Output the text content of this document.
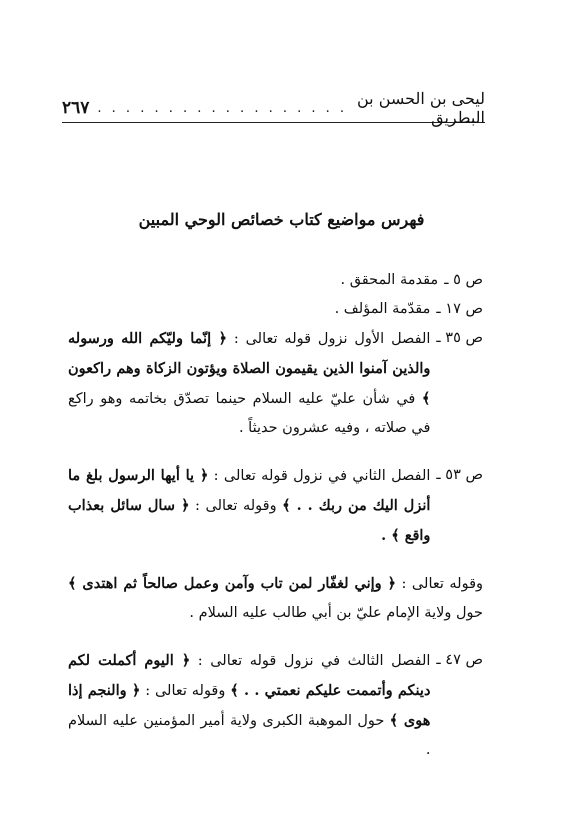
ليحى بن الحسن بن البطريق
. . . . . . . . . . . . . . . . . .
٢٦٧
فهرس مواضيع كتاب خصائص الوحي المبين
ص ٥ ـ
مقدمة المحقق .
ص ١٧ ـ
مقدّمة المؤلف .
ص ٣٥ ـ
الفصل الأول نزول قوله تعالى : ﴿ إنّما وليّكم الله ورسوله والذين آمنوا الذين يقيمون الصلاة ويؤتون الزكاة وهم راكعون ﴾ في شأن عليّ عليه السلام حينما تصدّق بخاتمه وهو راكع في صلاته ، وفيه عشرون حديثاً .
ص ٥٣ ـ
الفصل الثاني في نزول قوله تعالى : ﴿ يا أيها الرسول بلغ ما أنزل اليك من ربك . . ﴾ وقوله تعالى : ﴿ سال سائل بعذاب واقع ﴾ .
وقوله تعالى : ﴿ وإني لغفّار لمن تاب وآمن وعمل صالحاً ثم اهتدى ﴾ حول ولاية الإمام عليّ بن أبي طالب عليه السلام .
ص ٤٧ ـ
الفصل الثالث في نزول قوله تعالى : ﴿ اليوم أكملت لكم دينكم وأتممت عليكم نعمتي . . ﴾ وقوله تعالى : ﴿ والنجم إذا هوى ﴾ حول الموهبة الكبرى ولاية أمير المؤمنين عليه السلام .
